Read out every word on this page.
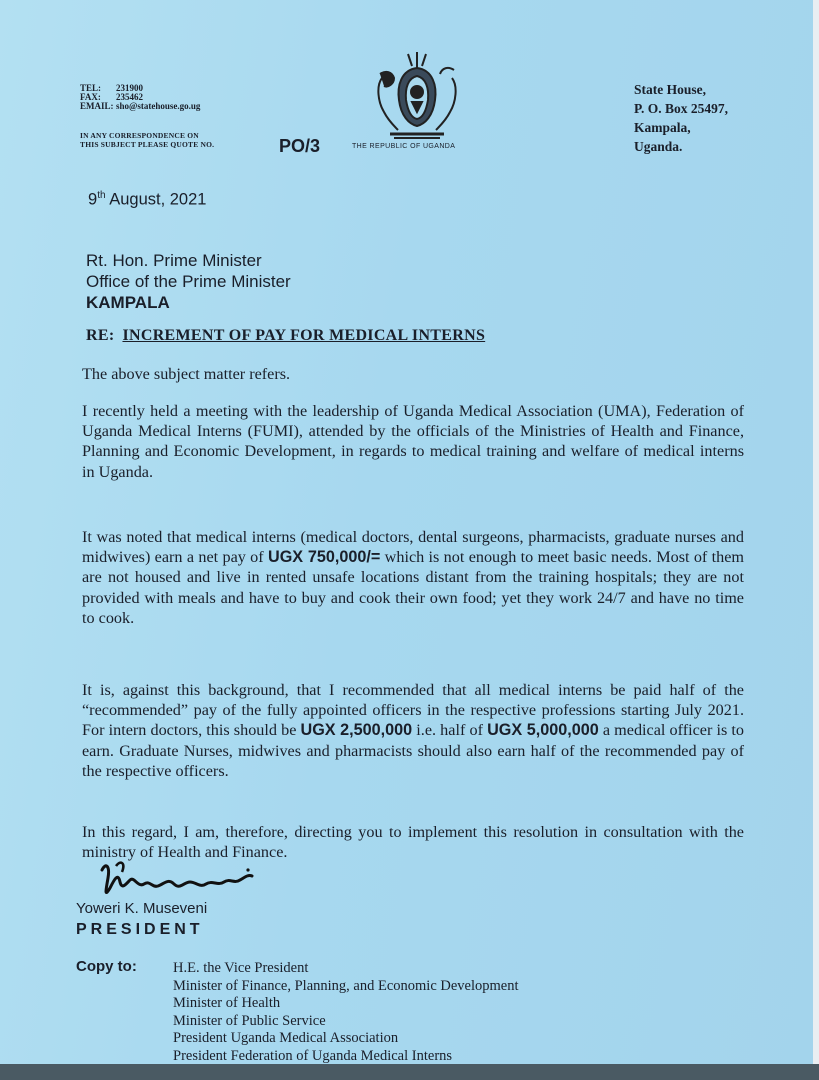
TEL: 231900
FAX: 235462
EMAIL: sho@statehouse.go.ug
IN ANY CORRESPONDENCE ON
THIS SUBJECT PLEASE QUOTE NO.	PO/3	THE REPUBLIC OF UGANDA
State House,
P. O. Box 25497,
Kampala,
Uganda.
9th August, 2021
Rt. Hon. Prime Minister
Office of the Prime Minister
KAMPALA
RE: INCREMENT OF PAY FOR MEDICAL INTERNS
The above subject matter refers.
I recently held a meeting with the leadership of Uganda Medical Association (UMA), Federation of Uganda Medical Interns (FUMI), attended by the officials of the Ministries of Health and Finance, Planning and Economic Development, in regards to medical training and welfare of medical interns in Uganda.
It was noted that medical interns (medical doctors, dental surgeons, pharmacists, graduate nurses and midwives) earn a net pay of UGX 750,000/= which is not enough to meet basic needs. Most of them are not housed and live in rented unsafe locations distant from the training hospitals; they are not provided with meals and have to buy and cook their own food; yet they work 24/7 and have no time to cook.
It is, against this background, that I recommended that all medical interns be paid half of the “recommended” pay of the fully appointed officers in the respective professions starting July 2021. For intern doctors, this should be UGX 2,500,000 i.e. half of UGX 5,000,000 a medical officer is to earn. Graduate Nurses, midwives and pharmacists should also earn half of the recommended pay of the respective officers.
In this regard, I am, therefore, directing you to implement this resolution in consultation with the ministry of Health and Finance.
Yoweri K. Museveni
PRESIDENT
Copy to: H.E. the Vice President
Minister of Finance, Planning, and Economic Development
Minister of Health
Minister of Public Service
President Uganda Medical Association
President Federation of Uganda Medical Interns
